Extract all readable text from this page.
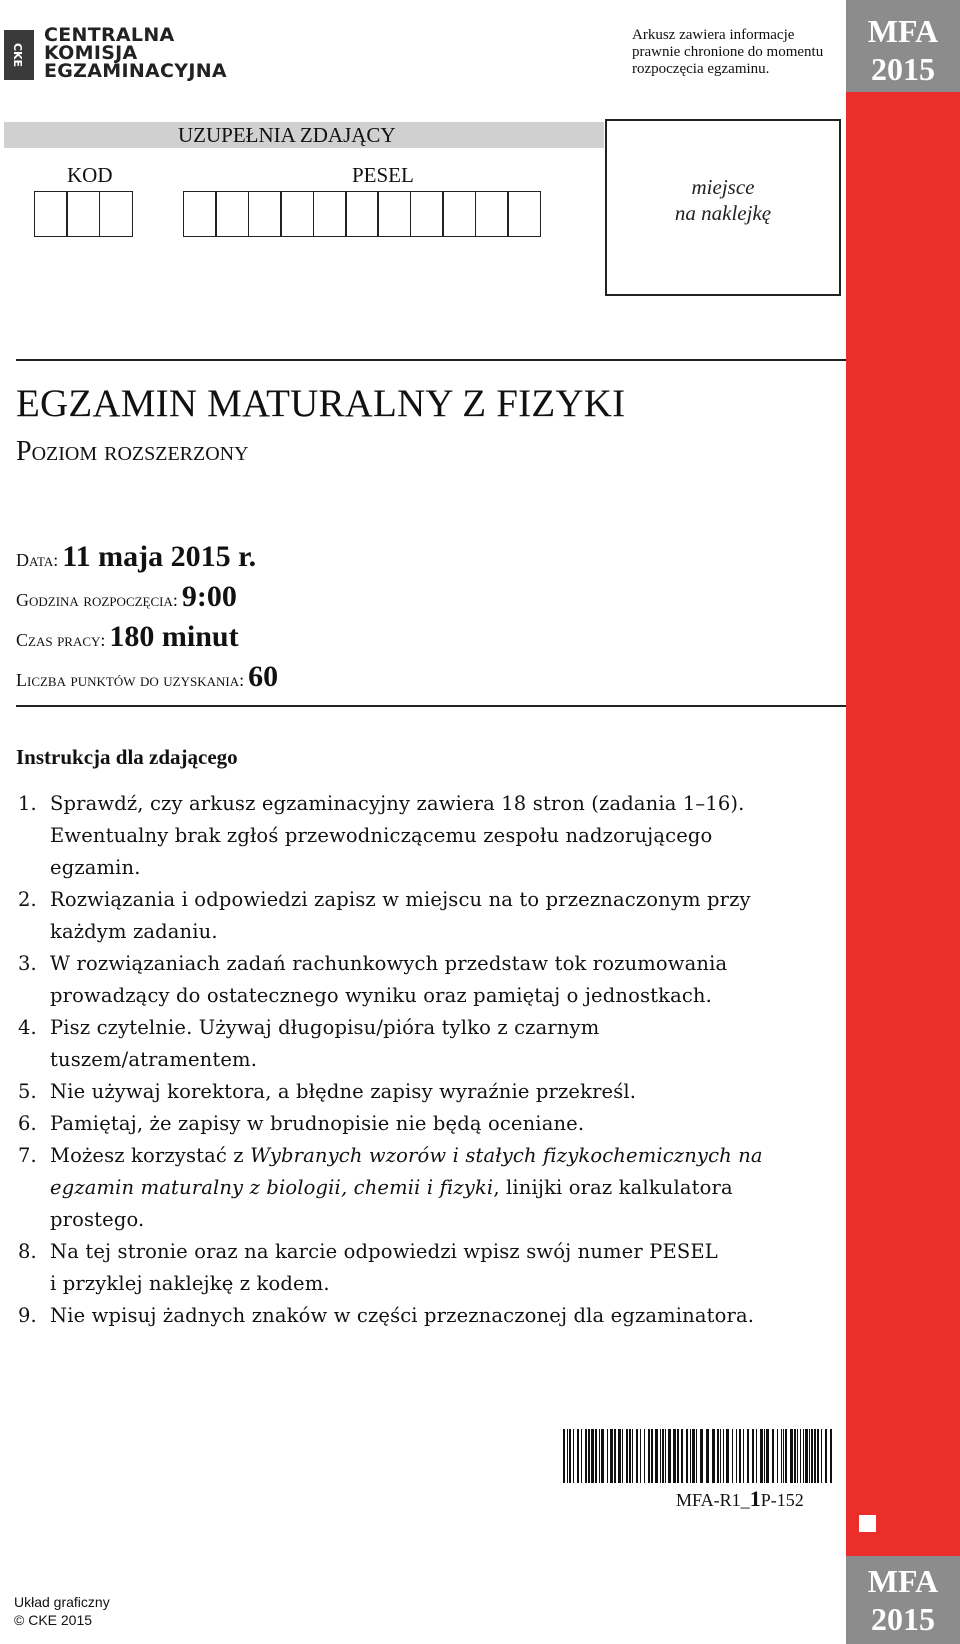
MFA
2015
MFA
2015
CKE
CENTRALNA
KOMISJA
EGZAMINACYJNA
Arkusz zawiera informacje
prawnie chronione do momentu
rozpoczęcia egzaminu.
UZUPEŁNIA ZDAJĄCY
KOD	PESEL	miejsce
na naklejkę
EGZAMIN MATURALNY Z FIZYKI
Poziom rozszerzony
Data: 11 maja 2015 r.
Godzina rozpoczęcia: 9:00
Czas pracy: 180 minut
Liczba punktów do uzyskania: 60
Instrukcja dla zdającego
1. Sprawdź, czy arkusz egzaminacyjny zawiera 18 stron (zadania 1–16).
Ewentualny brak zgłoś przewodniczącemu zespołu nadzorującego
egzamin.
2. Rozwiązania i odpowiedzi zapisz w miejscu na to przeznaczonym przy
każdym zadaniu.
3. W rozwiązaniach zadań rachunkowych przedstaw tok rozumowania
prowadzący do ostatecznego wyniku oraz pamiętaj o jednostkach.
4. Pisz czytelnie. Używaj długopisu/pióra tylko z czarnym
tuszem/atramentem.
5. Nie używaj korektora, a błędne zapisy wyraźnie przekreśl.
6. Pamiętaj, że zapisy w brudnopisie nie będą oceniane.
7. Możesz korzystać z Wybranych wzorów i stałych fizykochemicznych na
egzamin maturalny z biologii, chemii i fizyki, linijki oraz kalkulatora
prostego.
8. Na tej stronie oraz na karcie odpowiedzi wpisz swój numer PESEL
i przyklej naklejkę z kodem.
9. Nie wpisuj żadnych znaków w części przeznaczonej dla egzaminatora.
MFA-R1_1P-152
Układ graficzny
© CKE 2015
